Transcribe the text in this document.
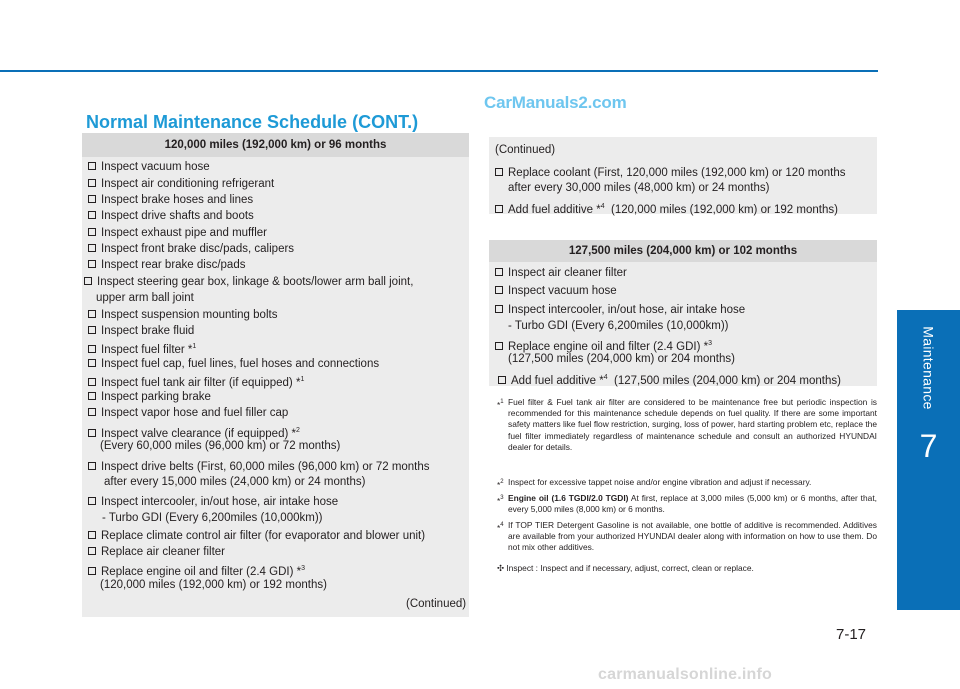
CarManuals2.com
Normal Maintenance Schedule (CONT.)
Maintenance
7
120,000 miles (192,000 km) or 96 months
Inspect vacuum hose
Inspect air conditioning refrigerant
Inspect brake hoses and lines
Inspect drive shafts and boots
Inspect exhaust pipe and muffler
Inspect front brake disc/pads, calipers
Inspect rear brake disc/pads
Inspect steering gear box, linkage & boots/lower arm ball joint,
upper arm ball joint
Inspect suspension mounting bolts
Inspect brake fluid
Inspect fuel filter *$^1$
Inspect fuel cap, fuel lines, fuel hoses and connections
Inspect fuel tank air filter (if equipped) *$^1$
Inspect parking brake
Inspect vapor hose and fuel filler cap
Inspect valve clearance (if equipped) *$^2$
(Every 60,000 miles (96,000 km) or 72 months)
Inspect drive belts (First, 60,000 miles (96,000 km) or 72 months
after every 15,000 miles (24,000 km) or 24 months)
Inspect intercooler, in/out hose, air intake hose
- Turbo GDI (Every 6,200miles (10,000km))
Replace climate control air filter (for evaporator and blower unit)
Replace air cleaner filter
Replace engine oil and filter (2.4 GDI) *$^3$
(120,000 miles (192,000 km) or 192 months)
(Continued)
(Continued)
Replace coolant (First, 120,000 miles (192,000 km) or 120 months
after every 30,000 miles (48,000 km) or 24 months)
Add fuel additive *$^4$ (120,000 miles (192,000 km) or 192 months)
127,500 miles (204,000 km) or 102 months
Inspect air cleaner filter
Inspect vacuum hose
Inspect intercooler, in/out hose, air intake hose
- Turbo GDI (Every 6,200miles (10,000km))
Replace engine oil and filter (2.4 GDI) *$^3$
(127,500 miles (204,000 km) or 204 months)
Add fuel additive *$^4$ (127,500 miles (204,000 km) or 204 months)
*$^1$ Fuel filter & Fuel tank air filter are considered to be maintenance free but periodic inspection is recommended for this maintenance schedule depends on fuel quality. If there are some important safety matters like fuel flow restriction, surging, loss of power, hard starting problem etc, replace the fuel filter immediately regardless of maintenance schedule and consult an authorized HYUNDAI dealer for details.
*$^2$ Inspect for excessive tappet noise and/or engine vibration and adjust if necessary.
*$^3$ Engine oil (1.6 TGDI/2.0 TGDI) At first, replace at 3,000 miles (5,000 km) or 6 months, after that, every 5,000 miles (8,000 km) or 6 months.
*$^4$ If TOP TIER Detergent Gasoline is not available, one bottle of additive is recommended. Additives are available from your authorized HYUNDAI dealer along with information on how to use them. Do not mix other additives.
✣ Inspect : Inspect and if necessary, adjust, correct, clean or replace.
7-17
carmanualsonline.info
